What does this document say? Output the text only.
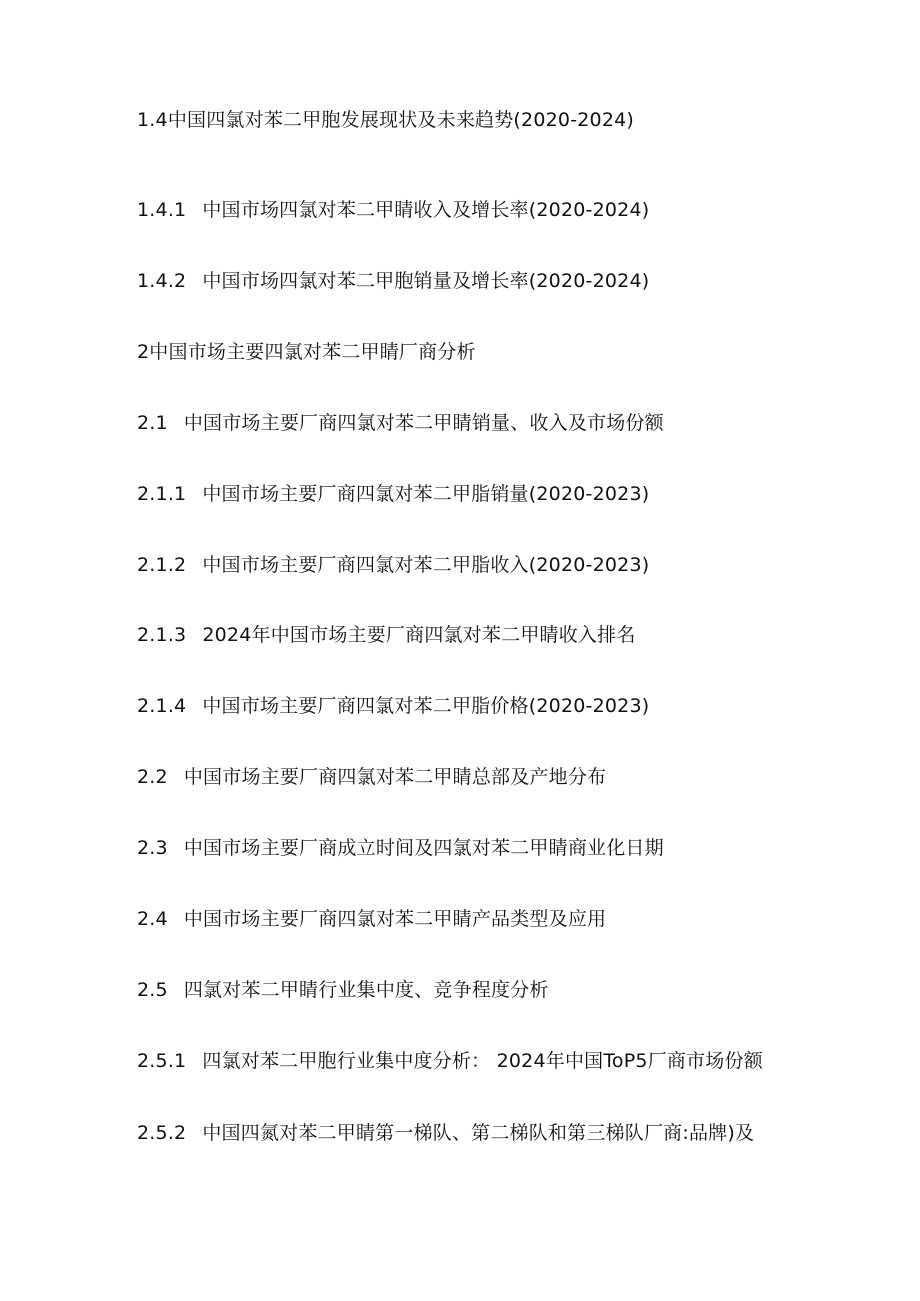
1.4中国四氯对苯二甲胞发展现状及未来趋势(2020-2024)
1.4.1 中国市场四氯对苯二甲睛收入及增长率(2020-2024)
1.4.2 中国市场四氯对苯二甲胞销量及增长率(2020-2024)
2中国市场主要四氯对苯二甲睛厂商分析
2.1 中国市场主要厂商四氯对苯二甲睛销量、收入及市场份额
2.1.1 中国市场主要厂商四氯对苯二甲脂销量(2020-2023)
2.1.2 中国市场主要厂商四氯对苯二甲脂收入(2020-2023)
2.1.3 2024年中国市场主要厂商四氯对苯二甲睛收入排名
2.1.4 中国市场主要厂商四氯对苯二甲脂价格(2020-2023)
2.2 中国市场主要厂商四氯对苯二甲睛总部及产地分布
2.3 中国市场主要厂商成立时间及四氯对苯二甲睛商业化日期
2.4 中国市场主要厂商四氯对苯二甲睛产品类型及应用
2.5 四氯对苯二甲睛行业集中度、竞争程度分析
2.5.1 四氯对苯二甲胞行业集中度分析： 2024年中国ToP5厂商市场份额
2.5.2 中国四氮对苯二甲睛第一梯队、第二梯队和第三梯队厂商:品牌)及
